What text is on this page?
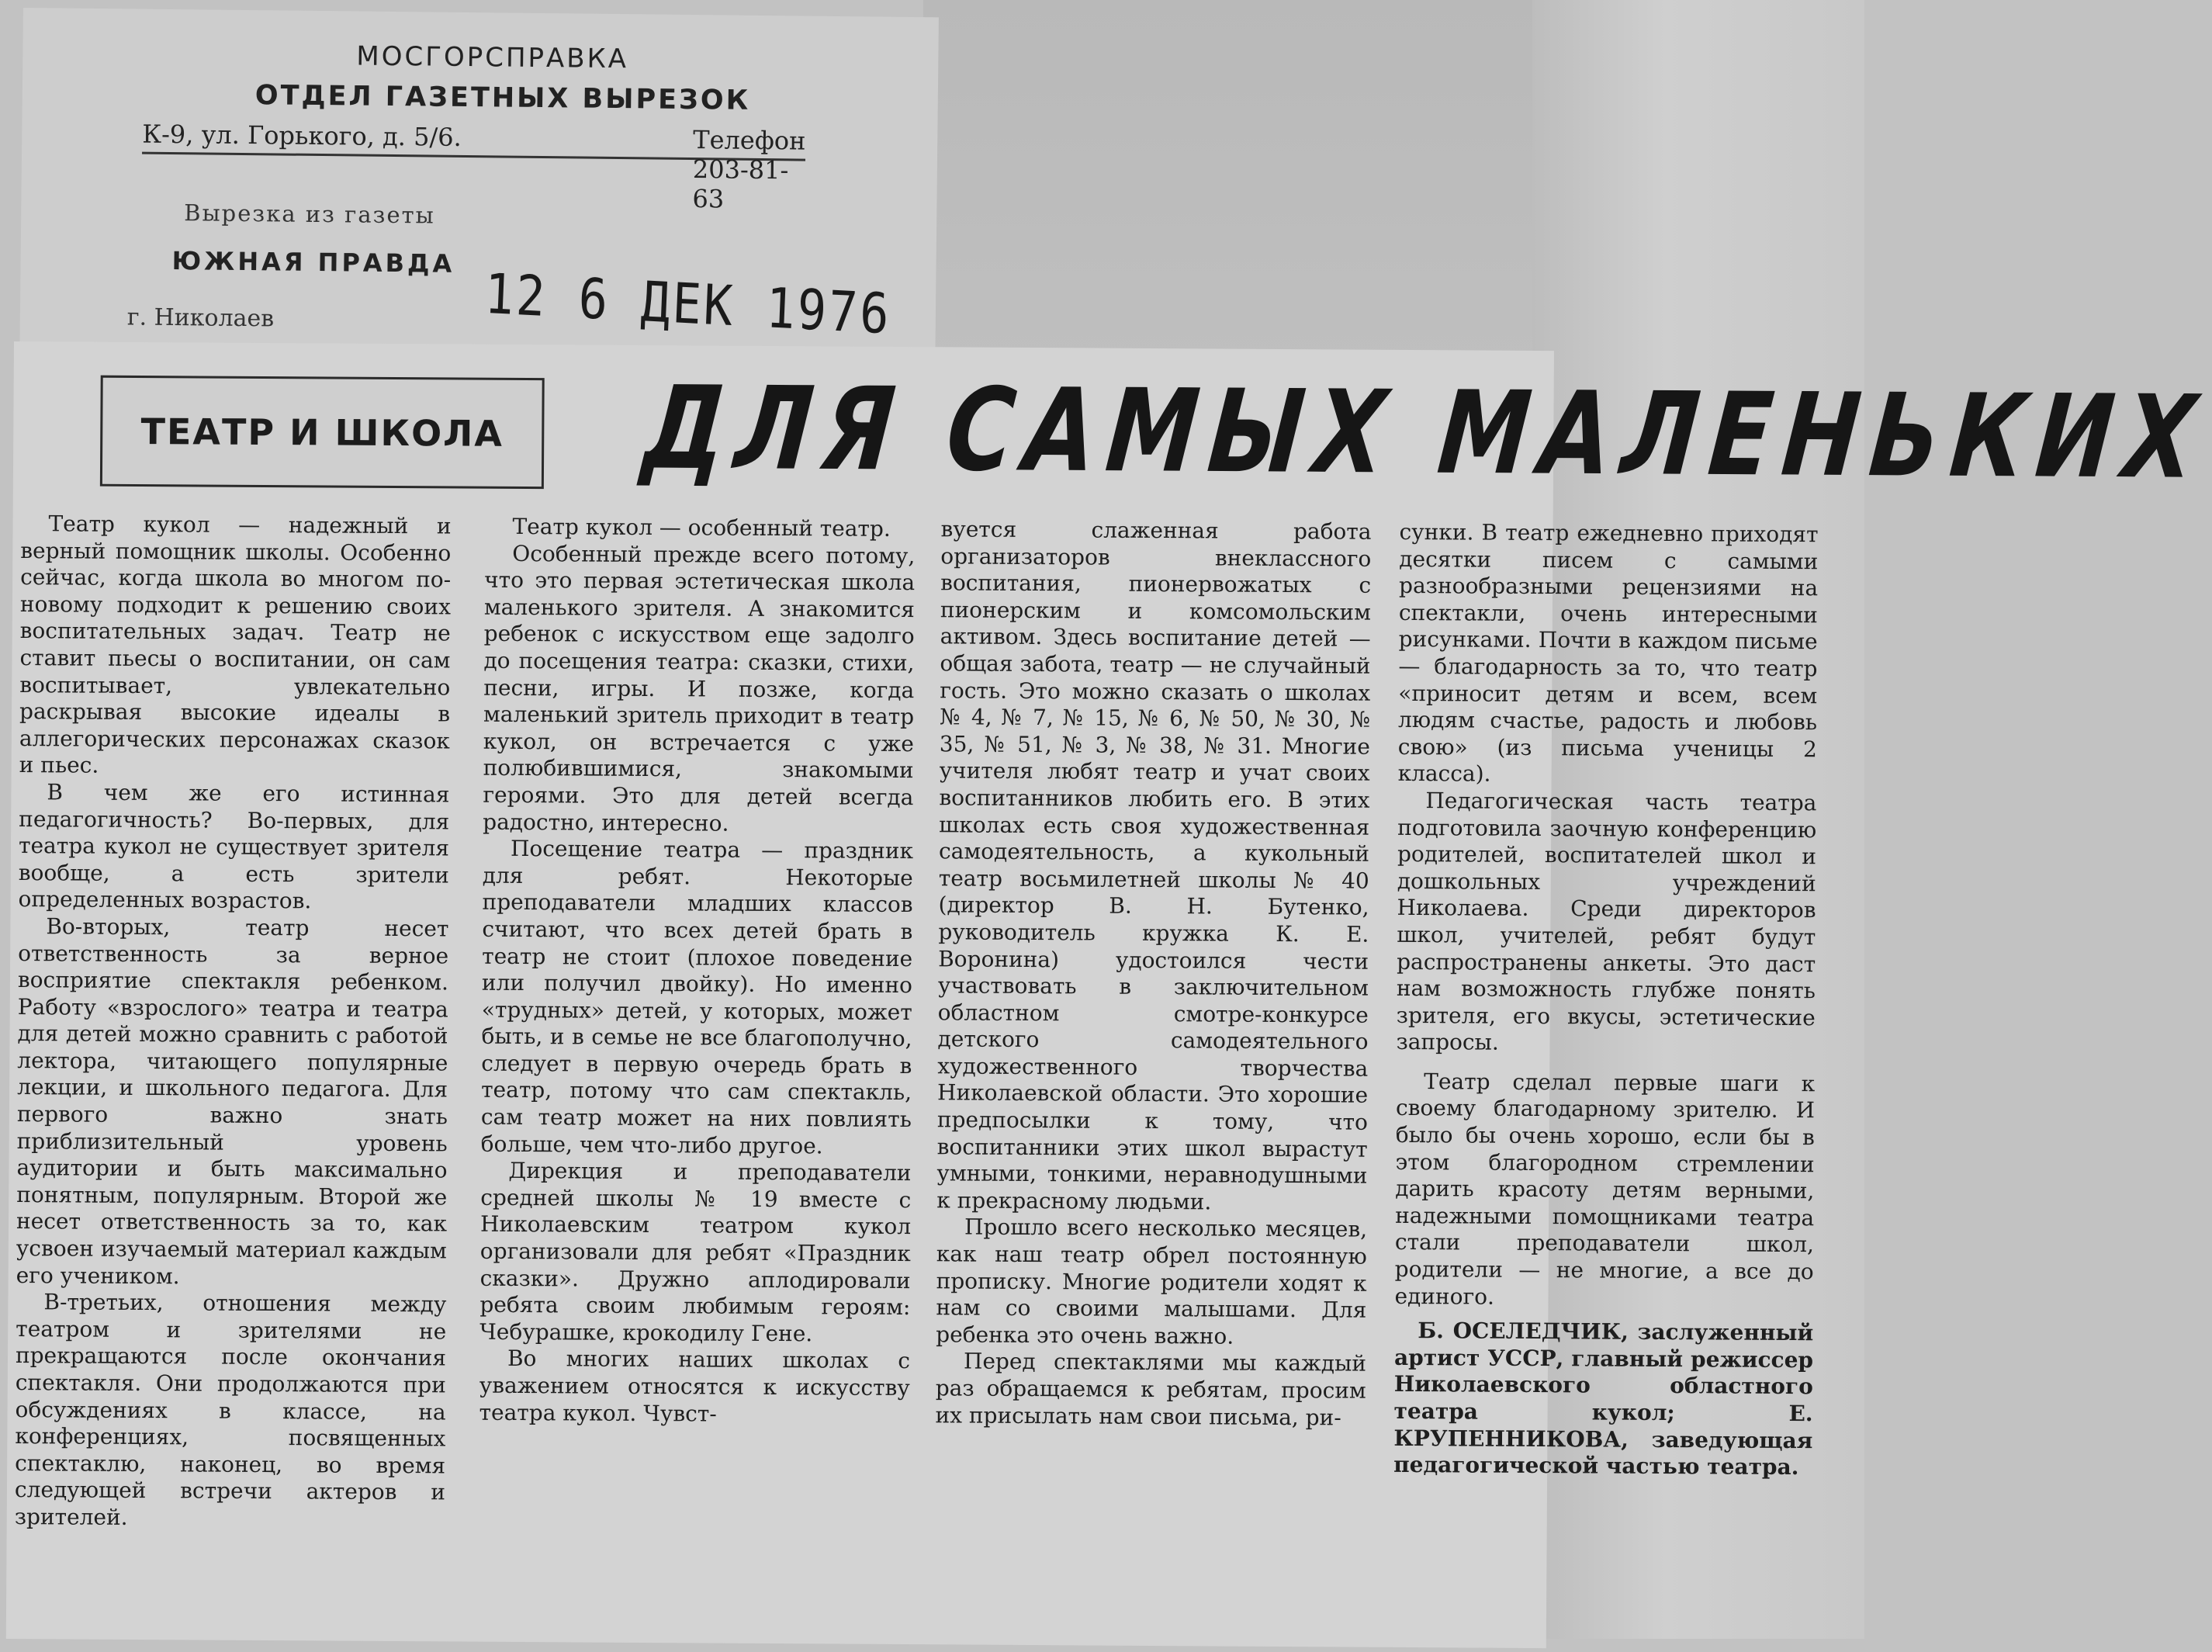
МОСГОРСПРАВКА
ОТДЕЛ ГАЗЕТНЫХ ВЫРЕЗОК
К-9, ул. Горького, д. 5/6.	Телефон 203-81-63
Вырезка из газеты
ЮЖНАЯ ПРАВДА 12 6 ДЕК 1976
г. Николаев
ТЕАТР И ШКОЛА	ДЛЯ САМЫХ МАЛЕНЬКИХ

Театр кукол — надежный и верный помощник школы. Особенно сейчас, когда школа во многом по-новому подходит к решению своих воспитательных задач. Театр не ставит пьесы о воспитании, он сам воспитывает, увлекательно раскрывая высокие идеалы в аллегорических персонажах сказок и пьес.

В чем же его истинная педагогичность? Во-первых, для театра кукол не существует зрителя вообще, а есть зрители определенных возрастов.

Во-вторых, театр несет ответственность за верное восприятие спектакля ребенком. Работу «взрослого» театра и театра для детей можно сравнить с работой лектора, читающего популярные лекции, и школьного педагога. Для первого важно знать приблизительный уровень аудитории и быть максимально понятным, популярным. Второй же несет ответственность за то, как усвоен изучаемый материал каждым его учеником.

В-третьих, отношения между театром и зрителями не прекращаются после окончания спектакля. Они продолжаются при обсуждениях в классе, на конференциях, посвященных спектаклю, наконец, во время следующей встречи актеров и зрителей.

Театр кукол — особенный театр.

Особенный прежде всего потому, что это первая эстетическая школа маленького зрителя. А знакомится ребенок с искусством еще задолго до посещения театра: сказки, стихи, песни, игры. И позже, когда маленький зритель приходит в театр кукол, он встречается с уже полюбившимися, знакомыми героями. Это для детей всегда радостно, интересно.

Посещение театра — праздник для ребят. Некоторые преподаватели младших классов считают, что всех детей брать в театр не стоит (плохое поведение или получил двойку). Но именно «трудных» детей, у которых, может быть, и в семье не все благополучно, следует в первую очередь брать в театр, потому что сам спектакль, сам театр может на них повлиять больше, чем что-либо другое.

Дирекция и преподаватели средней школы № 19 вместе с Николаевским театром кукол организовали для ребят «Праздник сказки». Дружно аплодировали ребята своим любимым героям: Чебурашке, крокодилу Гене.

Во многих наших школах с уважением относятся к искусству театра кукол. Чувст-

вуется слаженная работа организаторов внеклассного воспитания, пионервожатых с пионерским и комсомольским активом. Здесь воспитание детей — общая забота, театр — не случайный гость. Это можно сказать о школах № 4, № 7, № 15, № 6, № 50, № 30, № 35, № 51, № 3, № 38, № 31. Многие учителя любят театр и учат своих воспитанников любить его. В этих школах есть своя художественная самодеятельность, а кукольный театр восьмилетней школы № 40 (директор В. Н. Бутенко, руководитель кружка К. Е. Воронина) удостоился чести участвовать в заключительном областном смотре-конкурсе детского самодеятельного художественного творчества Николаевской области. Это хорошие предпосылки к тому, что воспитанники этих школ вырастут умными, тонкими, неравнодушными к прекрасному людьми.

Прошло всего несколько месяцев, как наш театр обрел постоянную прописку. Многие родители ходят к нам со своими малышами. Для ребенка это очень важно.

Перед спектаклями мы каждый раз обращаемся к ребятам, просим их присылать нам свои письма, ри-

сунки. В театр ежедневно приходят десятки писем с самыми разнообразными рецензиями на спектакли, очень интересными рисунками. Почти в каждом письме — благодарность за то, что театр «приносит детям и всем, всем людям счастье, радость и любовь свою» (из письма ученицы 2 класса).

Педагогическая часть театра подготовила заочную конференцию родителей, воспитателей школ и дошкольных учреждений Николаева. Среди директоров школ, учителей, ребят будут распространены анкеты. Это даст нам возможность глубже понять зрителя, его вкусы, эстетические запросы.

Театр сделал первые шаги к своему благодарному зрителю. И было бы очень хорошо, если бы в этом благородном стремлении дарить красоту детям верными, надежными помощниками театра стали преподаватели школ, родители — не многие, а все до единого.

Б. ОСЕЛЕДЧИК, заслуженный артист УССР, главный режиссер Николаевского областного театра кукол; Е. КРУПЕННИКОВА, заведующая педагогической частью театра.
